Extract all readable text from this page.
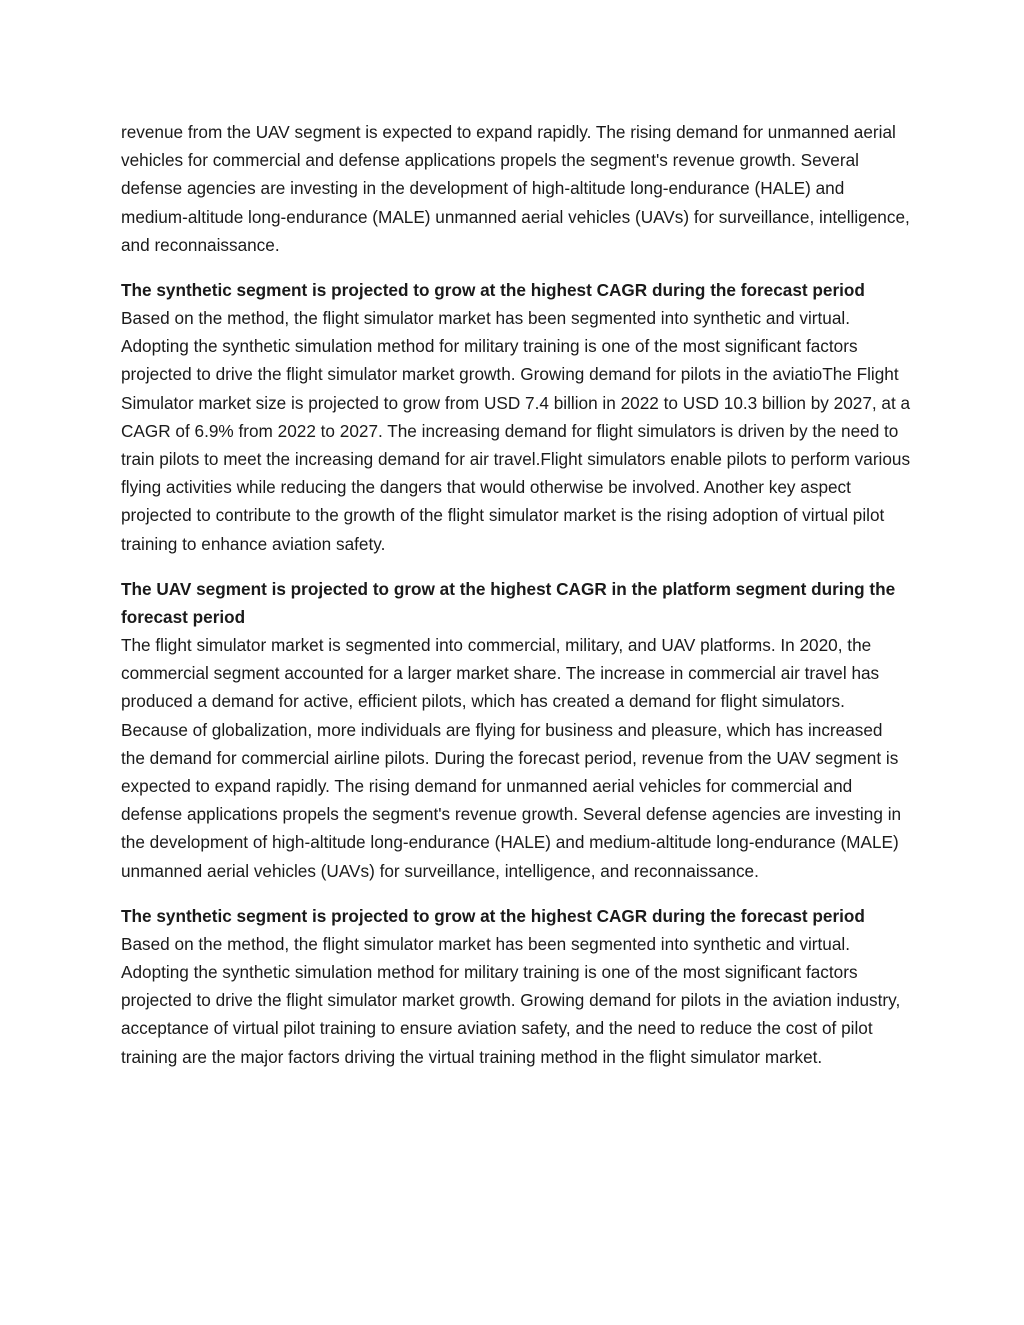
revenue from the UAV segment is expected to expand rapidly. The rising demand for unmanned aerial vehicles for commercial and defense applications propels the segment's revenue growth. Several defense agencies are investing in the development of high-altitude long-endurance (HALE) and medium-altitude long-endurance (MALE) unmanned aerial vehicles (UAVs) for surveillance, intelligence, and reconnaissance.

The synthetic segment is projected to grow at the highest CAGR during the forecast period

Based on the method, the flight simulator market has been segmented into synthetic and virtual. Adopting the synthetic simulation method for military training is one of the most significant factors projected to drive the flight simulator market growth. Growing demand for pilots in the aviatioThe Flight Simulator market size is projected to grow from USD 7.4 billion in 2022 to USD 10.3 billion by 2027, at a CAGR of 6.9% from 2022 to 2027. The increasing demand for flight simulators is driven by the need to train pilots to meet the increasing demand for air travel.Flight simulators enable pilots to perform various flying activities while reducing the dangers that would otherwise be involved. Another key aspect projected to contribute to the growth of the flight simulator market is the rising adoption of virtual pilot training to enhance aviation safety.

The UAV segment is projected to grow at the highest CAGR in the platform segment during the forecast period

The flight simulator market is segmented into commercial, military, and UAV platforms. In 2020, the commercial segment accounted for a larger market share. The increase in commercial air travel has produced a demand for active, efficient pilots, which has created a demand for flight simulators. Because of globalization, more individuals are flying for business and pleasure, which has increased the demand for commercial airline pilots. During the forecast period, revenue from the UAV segment is expected to expand rapidly. The rising demand for unmanned aerial vehicles for commercial and defense applications propels the segment's revenue growth. Several defense agencies are investing in the development of high-altitude long-endurance (HALE) and medium-altitude long-endurance (MALE) unmanned aerial vehicles (UAVs) for surveillance, intelligence, and reconnaissance.

The synthetic segment is projected to grow at the highest CAGR during the forecast period

Based on the method, the flight simulator market has been segmented into synthetic and virtual. Adopting the synthetic simulation method for military training is one of the most significant factors projected to drive the flight simulator market growth. Growing demand for pilots in the aviation industry, acceptance of virtual pilot training to ensure aviation safety, and the need to reduce the cost of pilot training are the major factors driving the virtual training method in the flight simulator market.
